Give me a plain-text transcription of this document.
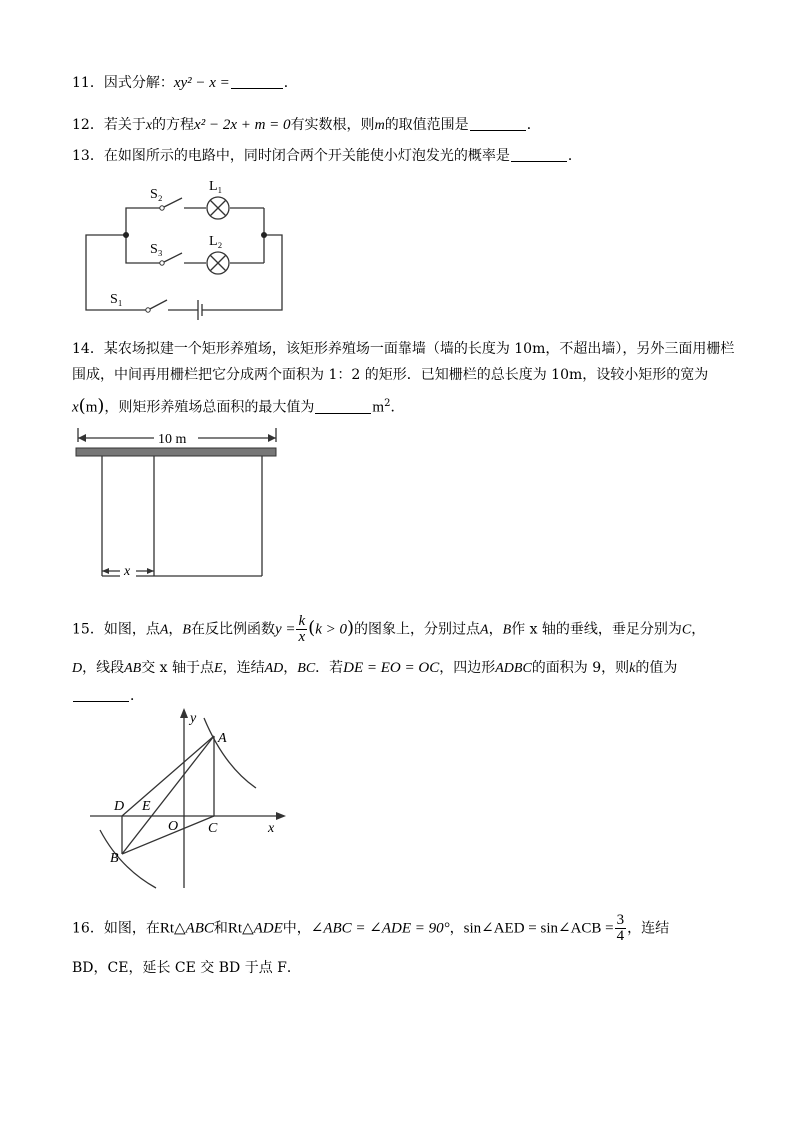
11．因式分解：xy² − x =	．
12．若关于x的方程x² − 2x + m = 0有实数根，则m的取值范围是	．
13．在如图所示的电路中，同时闭合两个开关能使小灯泡发光的概率是	．
S₂
L₁
S₃
L₂
S₁
14．某农场拟建一个矩形养殖场，该矩形养殖场一面靠墙（墙的长度为 10m，不超出墙），另外三面用栅栏
围成，中间再用栅栏把它分成两个面积为 1：2 的矩形．已知栅栏的总长度为 10m，设较小矩形的宽为
x(m)，则矩形养殖场总面积的最大值为	$m^2$．
10 m
x
15．如图，点A，B在反比例函数$y = \frac{k}{x} (k > 0)$的图象上，分别过点A，B作 x 轴的垂线，垂足分别为C，
D，线段AB交 x 轴于点E，连结AD，BC．若DE = EO = OC，四边形ADBC的面积为 9，则k的值为
．
y
x
A
B
C
D E
O
16．如图，在Rt△ABC和Rt△ADE中，∠ABC = ∠ADE = 90°，sin∠AED = sin∠ACB = $\frac{3}{4}$ ，连结
BD，CE，延长 CE 交 BD 于点 F．
